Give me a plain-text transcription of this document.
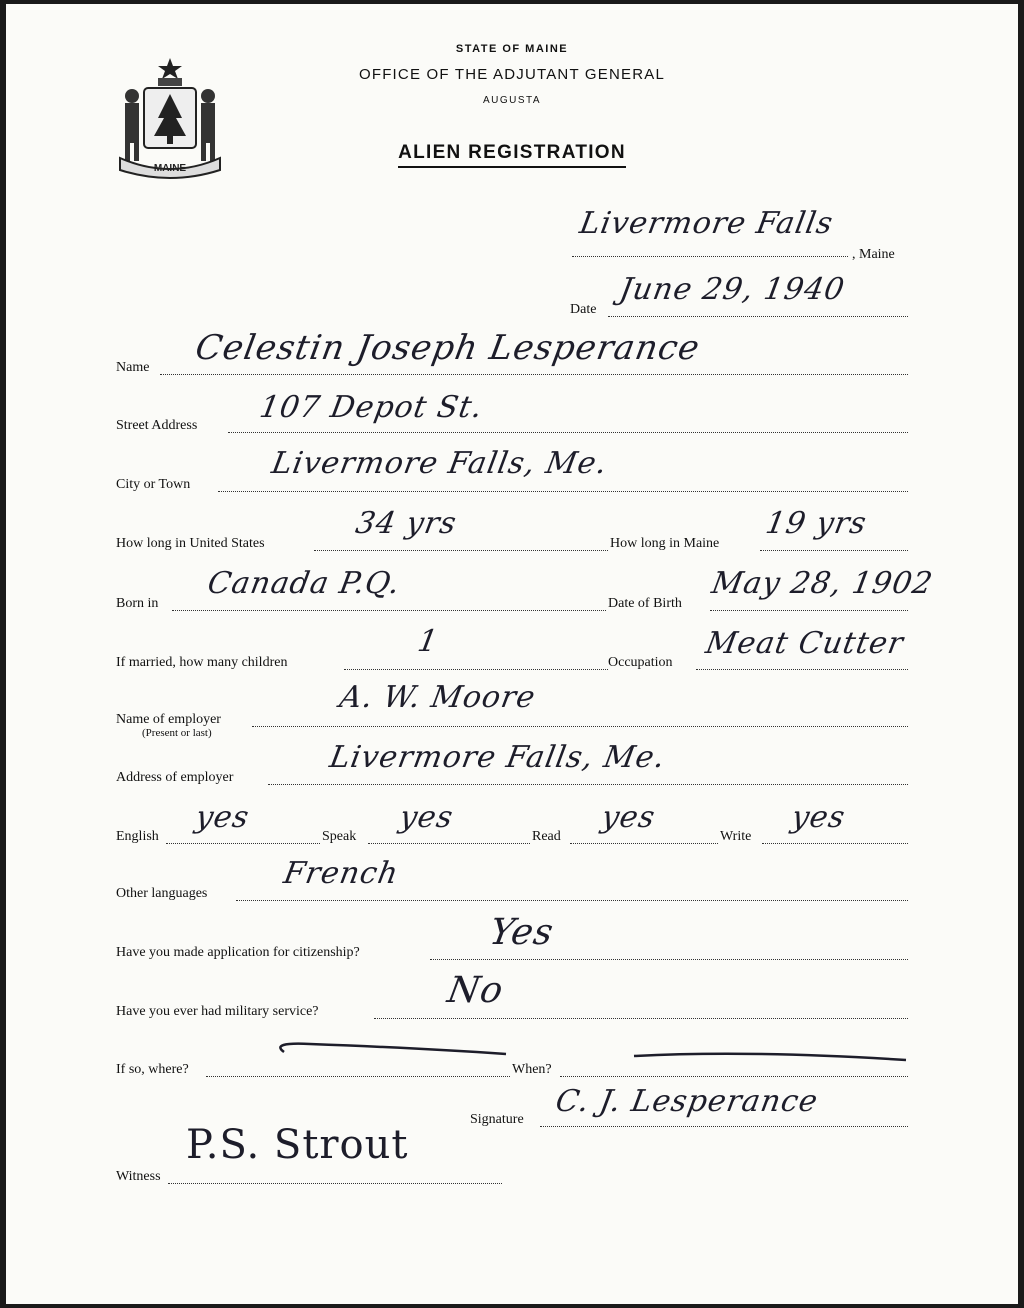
MAINE
STATE OF MAINE
OFFICE OF THE ADJUTANT GENERAL
AUGUSTA
ALIEN REGISTRATION
Livermore Falls
, Maine
Date
June 29, 1940
Name Celestin Joseph Lesperance
Street Address
107 Depot St.
City or Town
Livermore Falls, Me.
How long in United States
34 yrs
How long in Maine
19 yrs
Born in
Canada P.Q.
Date of Birth
May 28, 1902
If married, how many children
1
Occupation
Meat Cutter
Name of employer
(Present or last)
A. W. Moore
Address of employer
Livermore Falls, Me.
English
yes
Speak
yes
Read
yes
Write
yes
Other languages
French
Have you made application for citizenship?	Yes
Have you ever had military service?
No
If so, where?	When?
Signature
C. J. Lesperance
Witness
P.S. Strout
